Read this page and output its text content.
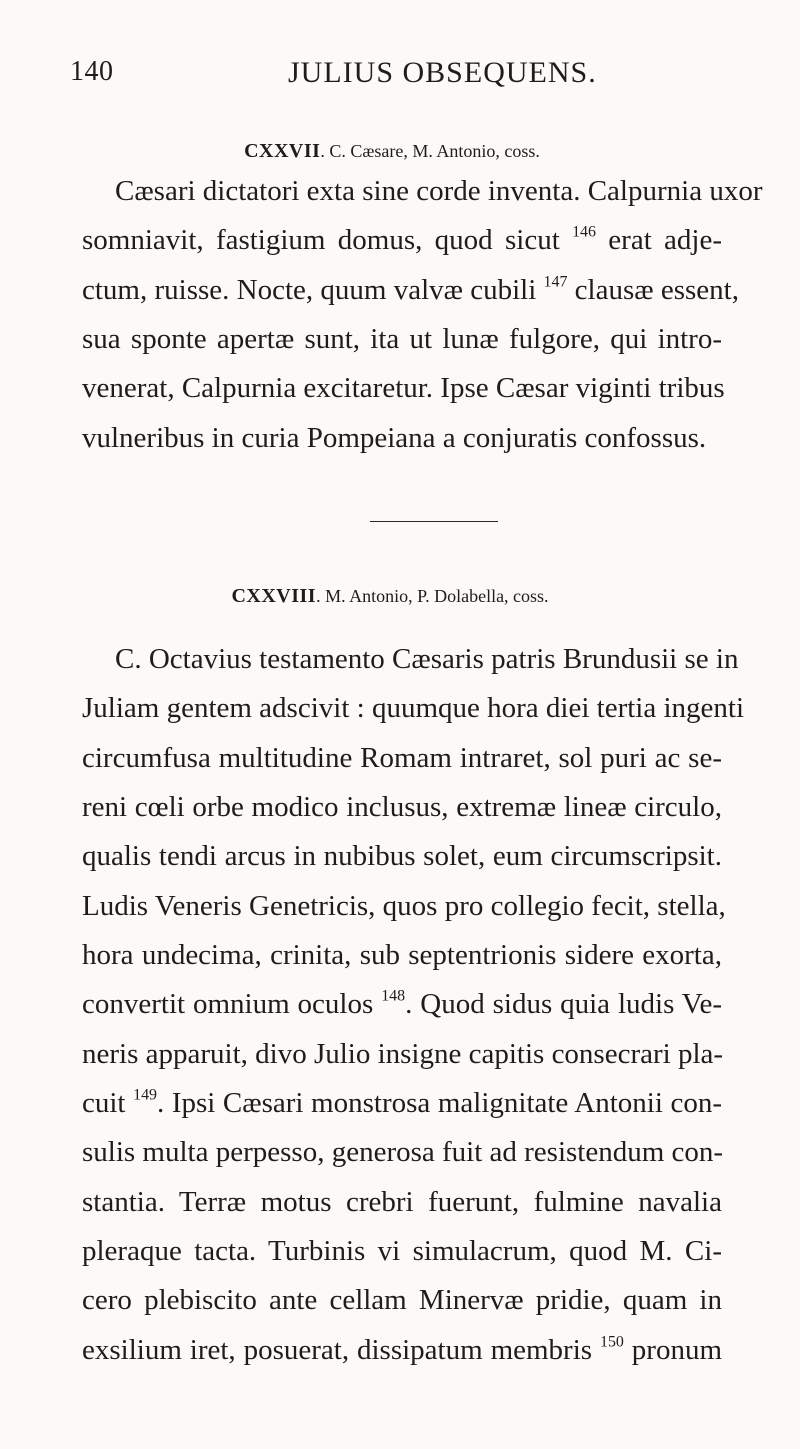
140	JULIUS OBSEQUENS.
CXXVII. C. Cæsare, M. Antonio, coss.
Cæsari dictatori exta sine corde inventa. Calpurnia uxor
somniavit, fastigium domus, quod sicut $^{146}$ erat adje-
ctum, ruisse. Nocte, quum valvæ cubili $^{147}$ clausæ essent,
sua sponte apertæ sunt, ita ut lunæ fulgore, qui intro-
venerat, Calpurnia excitaretur. Ipse Cæsar viginti tribus
vulneribus in curia Pompeiana a conjuratis confossus.
CXXVIII. M. Antonio, P. Dolabella, coss.
C. Octavius testamento Cæsaris patris Brundusii se in
Juliam gentem adscivit : quumque hora diei tertia ingenti
circumfusa multitudine Romam intraret, sol puri ac se-
reni cœli orbe modico inclusus, extremæ lineæ circulo,
qualis tendi arcus in nubibus solet, eum circumscripsit.
Ludis Veneris Genetricis, quos pro collegio fecit, stella,
hora undecima, crinita, sub septentrionis sidere exorta,
convertit omnium oculos $^{148}$. Quod sidus quia ludis Ve-
neris apparuit, divo Julio insigne capitis consecrari pla-
cuit $^{149}$. Ipsi Cæsari monstrosa malignitate Antonii con-
sulis multa perpesso, generosa fuit ad resistendum con-
stantia. Terræ motus crebri fuerunt, fulmine navalia
pleraque tacta. Turbinis vi simulacrum, quod M. Ci-
cero plebiscito ante cellam Minervæ pridie, quam in
exsilium iret, posuerat, dissipatum membris $^{150}$ pronum
